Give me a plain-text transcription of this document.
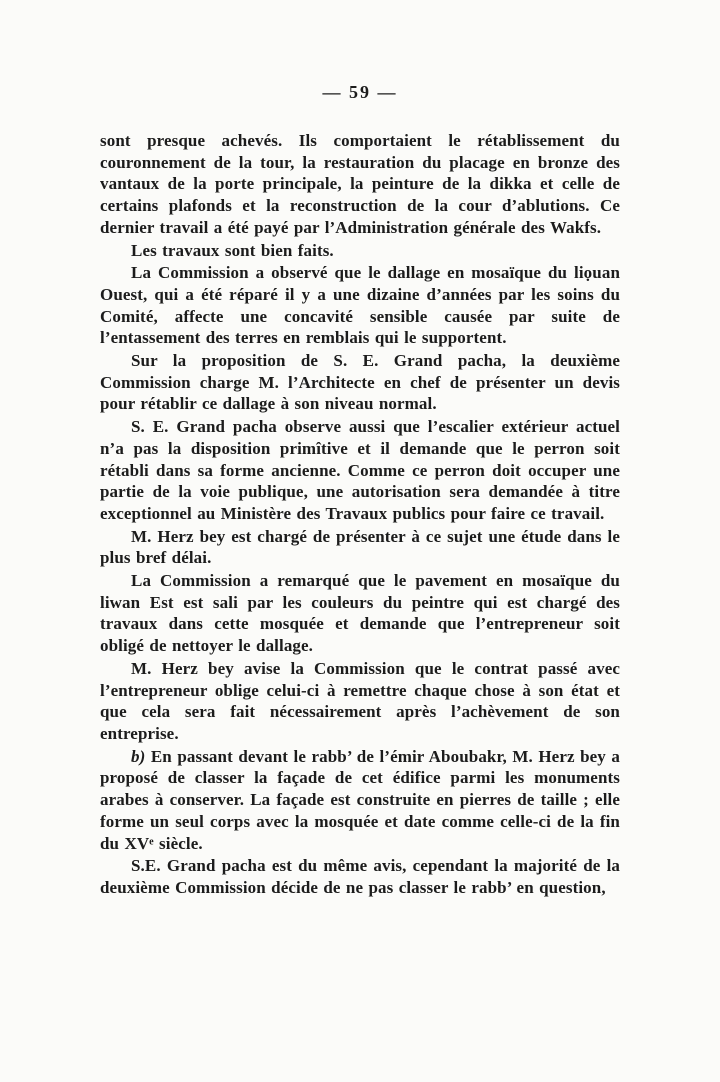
— 59 —

sont presque achevés. Ils comportaient le rétablissement du couronnement de la tour, la restauration du placage en bronze des vantaux de la porte principale, la peinture de la dikka et celle de certains plafonds et la reconstruction de la cour d’ablutions. Ce dernier travail a été payé par l’Administration générale des Wakfs.

Les travaux sont bien faits.

La Commission a observé que le dallage en mosaïque du liọuan Ouest, qui a été réparé il y a une dizaine d’années par les soins du Comité, affecte une concavité sensible causée par suite de l’entassement des terres en remblais qui le supportent.

Sur la proposition de S. E. Grand pacha, la deuxième Commission charge M. l’Architecte en chef de présenter un devis pour rétablir ce dallage à son niveau normal.

S. E. Grand pacha observe aussi que l’escalier extérieur actuel n’a pas la disposition primîtive et il demande que le perron soit rétabli dans sa forme ancienne. Comme ce perron doit occuper une partie de la voie publique, une autorisation sera demandée à titre exceptionnel au Ministère des Travaux publics pour faire ce travail.

M. Herz bey est chargé de présenter à ce sujet une étude dans le plus bref délai.

La Commission a remarqué que le pavement en mosaïque du liwan Est est sali par les couleurs du peintre qui est chargé des travaux dans cette mosquée et demande que l’entrepreneur soit obligé de nettoyer le dallage.

M. Herz bey avise la Commission que le contrat passé avec l’entrepreneur oblige celui-ci à remettre chaque chose à son état et que cela sera fait nécessairement après l’achèvement de son entreprise.

b) En passant devant le rabb’ de l’émir Aboubakr, M. Herz bey a proposé de classer la façade de cet édifice parmi les monuments arabes à conserver. La façade est construite en pierres de taille ; elle forme un seul corps avec la mosquée et date comme celle-ci de la fin du XVᵉ siècle.

S.E. Grand pacha est du même avis, cependant la majorité de la deuxième Commission décide de ne pas classer le rabb’ en question,
